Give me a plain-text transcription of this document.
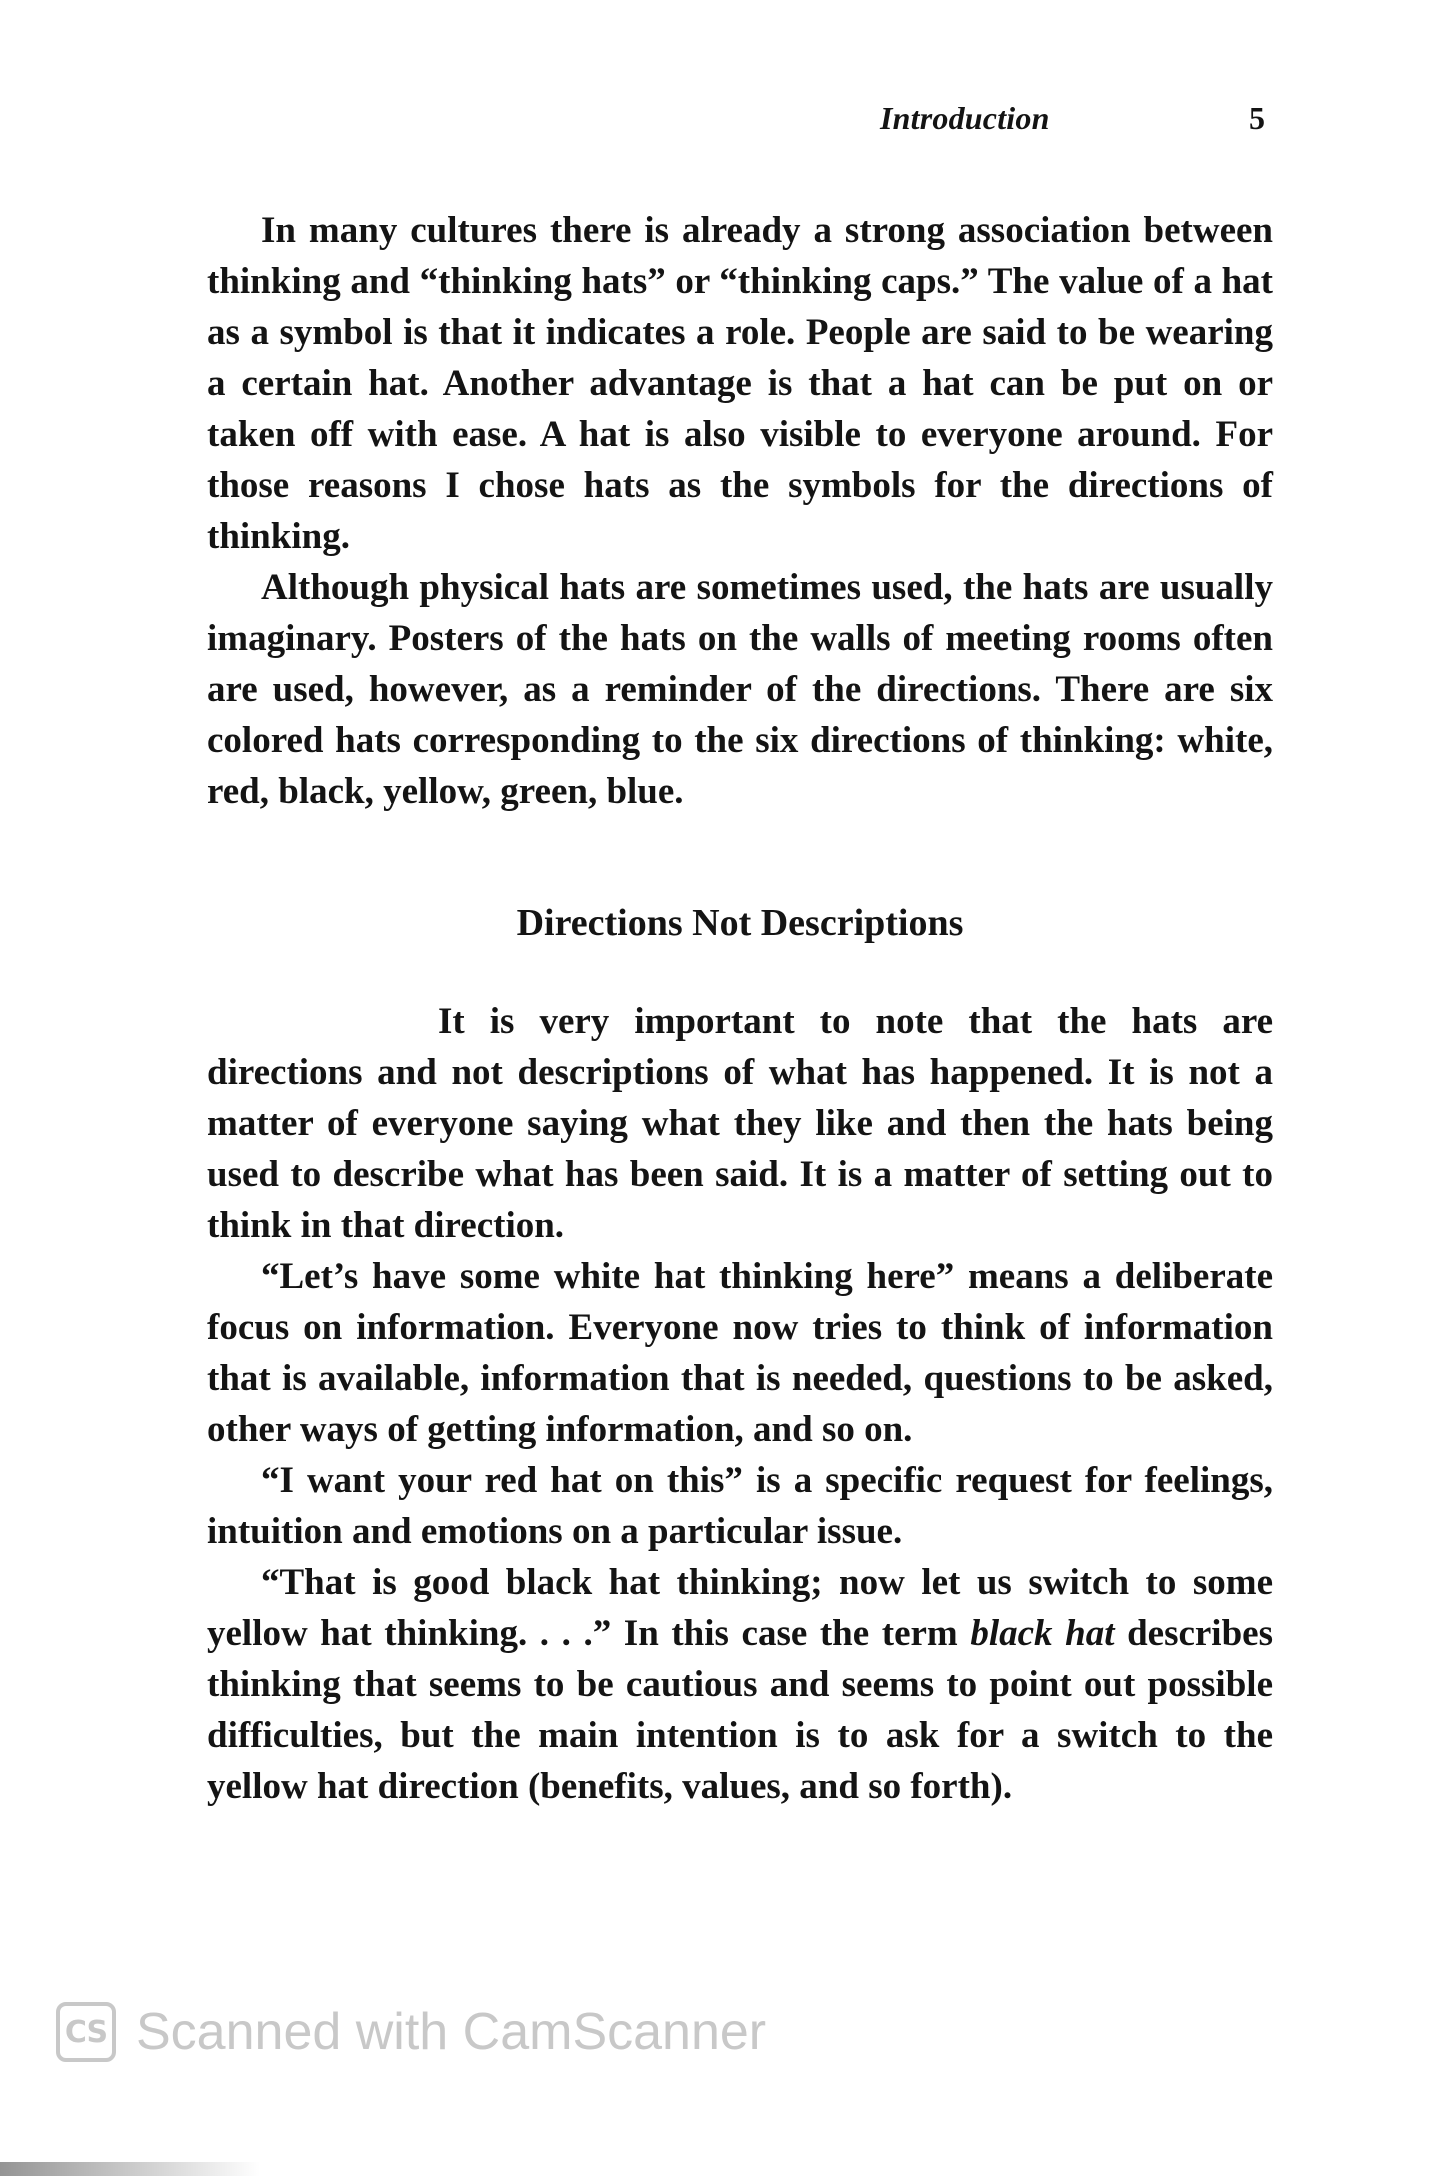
Introduction	5

In many cultures there is already a strong association between thinking and “thinking hats” or “thinking caps.” The value of a hat as a symbol is that it indicates a role. People are said to be wearing a certain hat. Another advantage is that a hat can be put on or taken off with ease. A hat is also visible to everyone around. For those reasons I chose hats as the symbols for the directions of thinking.

Although physical hats are sometimes used, the hats are usually imaginary. Posters of the hats on the walls of meeting rooms often are used, however, as a reminder of the directions. There are six colored hats corresponding to the six directions of thinking: white, red, black, yellow, green, blue.

Directions Not Descriptions

It is very important to note that the hats are directions and not descriptions of what has happened. It is not a matter of everyone saying what they like and then the hats being used to describe what has been said. It is a matter of setting out to think in that direction.

“Let’s have some white hat thinking here” means a deliberate focus on information. Everyone now tries to think of information that is available, information that is needed, questions to be asked, other ways of getting information, and so on.

“I want your red hat on this” is a specific request for feelings, intuition and emotions on a particular issue.

“That is good black hat thinking; now let us switch to some yellow hat thinking. . . .” In this case the term black hat describes thinking that seems to be cautious and seems to point out possible difficulties, but the main intention is to ask for a switch to the yellow hat direction (benefits, values, and so forth).

CS Scanned with CamScanner
